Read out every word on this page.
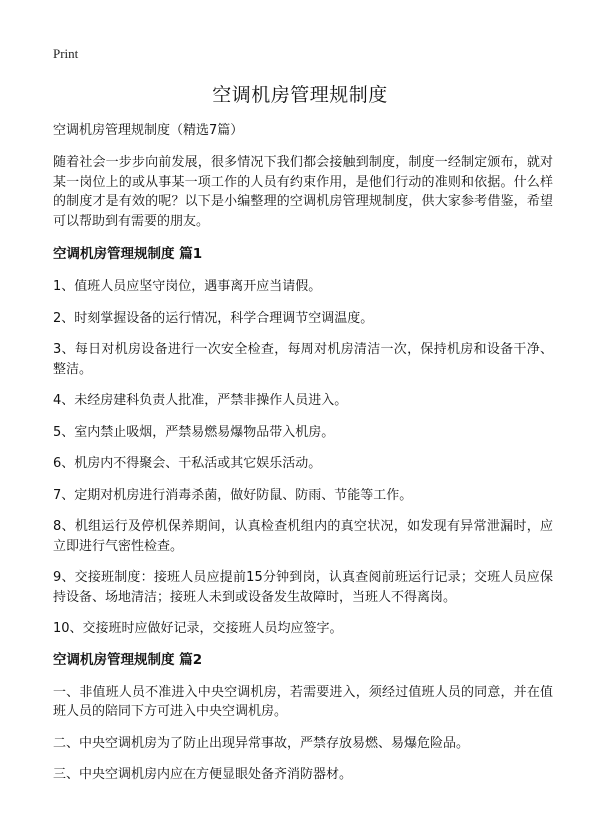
Print
空调机房管理规制度

空调机房管理规制度（精选7篇）

随着社会一步步向前发展，很多情况下我们都会接触到制度，制度一经制定颁布，就对某一岗位上的或从事某一项工作的人员有约束作用，是他们行动的准则和依据。什么样的制度才是有效的呢？以下是小编整理的空调机房管理规制度，供大家参考借鉴，希望可以帮助到有需要的朋友。

空调机房管理规制度 篇1

1、值班人员应坚守岗位，遇事离开应当请假。

2、时刻掌握设备的运行情况，科学合理调节空调温度。

3、每日对机房设备进行一次安全检查，每周对机房清洁一次，保持机房和设备干净、整洁。

4、未经房建科负责人批准，严禁非操作人员进入。

5、室内禁止吸烟，严禁易燃易爆物品带入机房。

6、机房内不得聚会、干私活或其它娱乐活动。

7、定期对机房进行消毒杀菌，做好防鼠、防雨、节能等工作。

8、机组运行及停机保养期间，认真检查机组内的真空状况，如发现有异常泄漏时，应立即进行气密性检查。

9、交接班制度：接班人员应提前15分钟到岗，认真查阅前班运行记录；交班人员应保持设备、场地清洁；接班人未到或设备发生故障时，当班人不得离岗。

10、交接班时应做好记录，交接班人员均应签字。

空调机房管理规制度 篇2

一、非值班人员不准进入中央空调机房，若需要进入，须经过值班人员的同意，并在值班人员的陪同下方可进入中央空调机房。

二、中央空调机房为了防止出现异常事故，严禁存放易燃、易爆危险品。

三、中央空调机房内应在方便显眼处备齐消防器材。
